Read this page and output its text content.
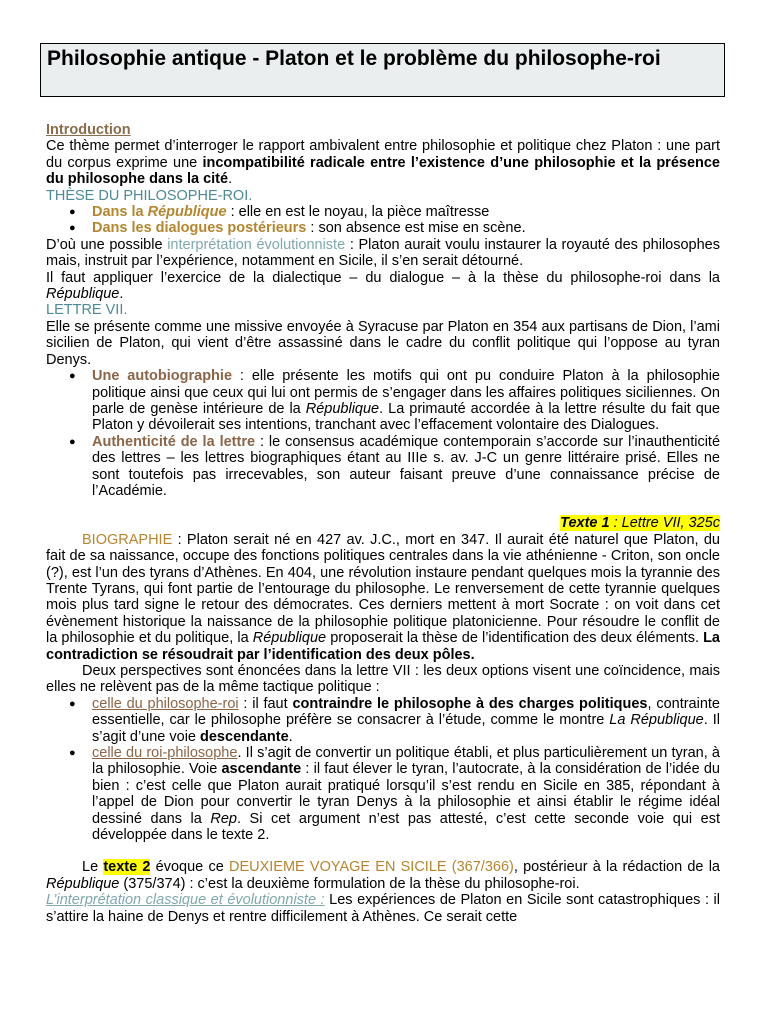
Philosophie antique - Platon et le problème du philosophe-roi

Introduction

Ce thème permet d’interroger le rapport ambivalent entre philosophie et politique chez Platon : une part du corpus exprime une incompatibilité radicale entre l’existence d’une philosophie et la présence du philosophe dans la cité.

THÈSE DU PHILOSOPHE-ROI.

● Dans la République : elle en est le noyau, la pièce maîtresse
● Dans les dialogues postérieurs : son absence est mise en scène.

D’où une possible interprétation évolutionniste : Platon aurait voulu instaurer la royauté des philosophes mais, instruit par l’expérience, notamment en Sicile, il s’en serait détourné.

Il faut appliquer l’exercice de la dialectique – du dialogue – à la thèse du philosophe-roi dans la République.

LETTRE VII.

Elle se présente comme une missive envoyée à Syracuse par Platon en 354 aux partisans de Dion, l’ami sicilien de Platon, qui vient d’être assassiné dans le cadre du conflit politique qui l’oppose au tyran Denys.

● Une autobiographie : elle présente les motifs qui ont pu conduire Platon à la philosophie politique ainsi que ceux qui lui ont permis de s’engager dans les affaires politiques siciliennes. On parle de genèse intérieure de la République. La primauté accordée à la lettre résulte du fait que Platon y dévoilerait ses intentions, tranchant avec l’effacement volontaire des Dialogues.
● Authenticité de la lettre : le consensus académique contemporain s’accorde sur l’inauthenticité des lettres – les lettres biographiques étant au IIIe s. av. J-C un genre littéraire prisé. Elles ne sont toutefois pas irrecevables, son auteur faisant preuve d’une connaissance précise de l’Académie.

Texte 1 : Lettre VII, 325c

BIOGRAPHIE : Platon serait né en 427 av. J.C., mort en 347. Il aurait été naturel que Platon, du fait de sa naissance, occupe des fonctions politiques centrales dans la vie athénienne - Criton, son oncle (?), est l’un des tyrans d’Athènes. En 404, une révolution instaure pendant quelques mois la tyrannie des Trente Tyrans, qui font partie de l’entourage du philosophe. Le renversement de cette tyrannie quelques mois plus tard signe le retour des démocrates. Ces derniers mettent à mort Socrate : on voit dans cet évènement historique la naissance de la philosophie politique platonicienne. Pour résoudre le conflit de la philosophie et du politique, la République proposerait la thèse de l’identification des deux éléments. La contradiction se résoudrait par l’identification des deux pôles.

Deux perspectives sont énoncées dans la lettre VII : les deux options visent une coïncidence, mais elles ne relèvent pas de la même tactique politique :

● celle du philosophe-roi : il faut contraindre le philosophe à des charges politiques, contrainte essentielle, car le philosophe préfère se consacrer à l’étude, comme le montre La République. Il s’agit d’une voie descendante.
● celle du roi-philosophe. Il s’agit de convertir un politique établi, et plus particulièrement un tyran, à la philosophie. Voie ascendante : il faut élever le tyran, l’autocrate, à la considération de l’idée du bien : c’est celle que Platon aurait pratiqué lorsqu’il s’est rendu en Sicile en 385, répondant à l’appel de Dion pour convertir le tyran Denys à la philosophie et ainsi établir le régime idéal dessiné dans la Rep. Si cet argument n’est pas attesté, c’est cette seconde voie qui est développée dans le texte 2.

Le texte 2 évoque ce DEUXIEME VOYAGE EN SICILE (367/366), postérieur à la rédaction de la République (375/374) : c’est la deuxième formulation de la thèse du philosophe-roi.

L’interprétation classique et évolutionniste : Les expériences de Platon en Sicile sont catastrophiques : il s’attire la haine de Denys et rentre difficilement à Athènes. Ce serait cette
